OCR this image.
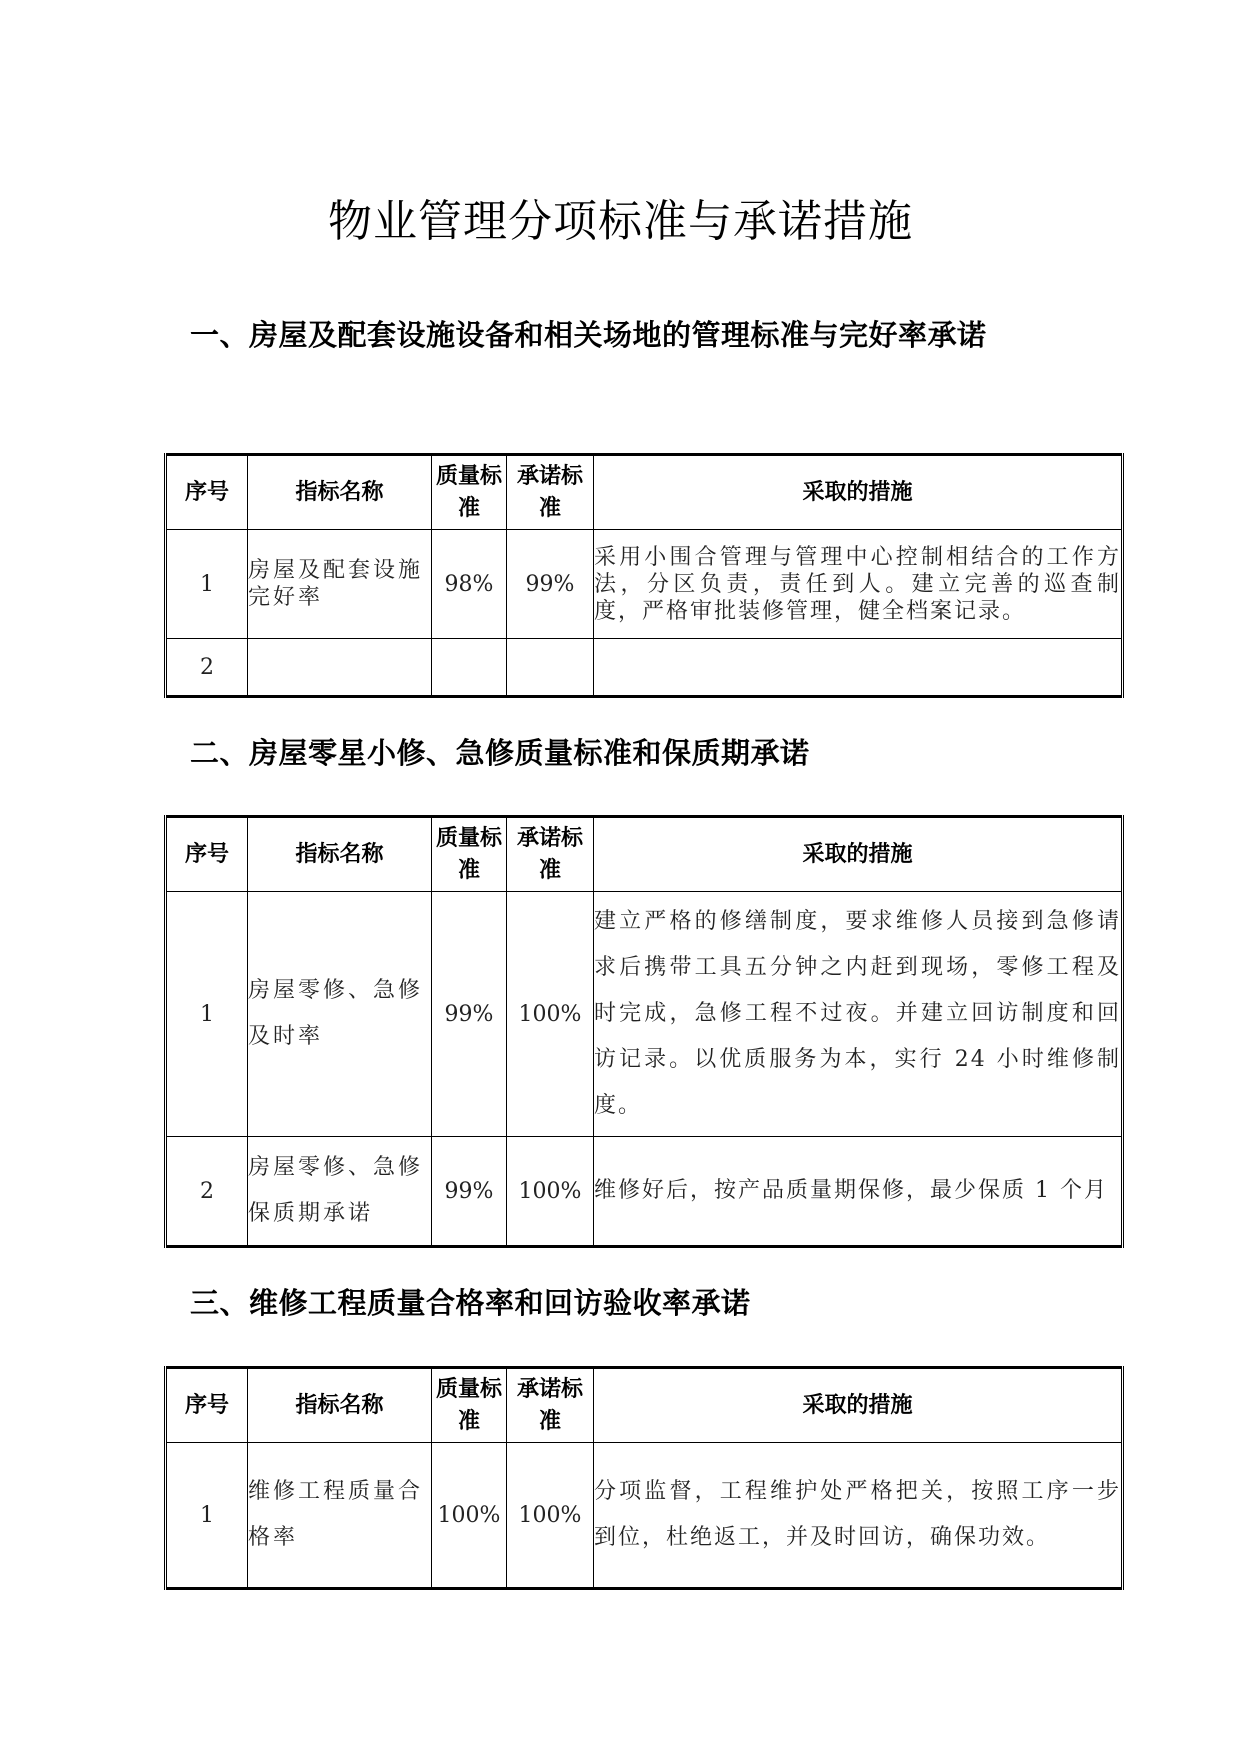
物业管理分项标准与承诺措施
一、房屋及配套设施设备和相关场地的管理标准与完好率承诺
序号	指标名称	质量标准	承诺标准	采取的措施
1	房屋及配套设施完好率	98%	99%	采用小围合管理与管理中心控制相结合的工作方法，分区负责，责任到人。建立完善的巡查制度，严格审批装修管理，健全档案记录。
2				
二、房屋零星小修、急修质量标准和保质期承诺
序号	指标名称	质量标准	承诺标准	采取的措施
1	房屋零修、急修及时率	99%	100%	建立严格的修缮制度，要求维修人员接到急修请求后携带工具五分钟之内赶到现场，零修工程及时完成，急修工程不过夜。并建立回访制度和回访记录。以优质服务为本，实行 24 小时维修制度。
2	房屋零修、急修保质期承诺	99%	100%	维修好后，按产品质量期保修，最少保质 1 个月
三、维修工程质量合格率和回访验收率承诺
序号	指标名称	质量标准	承诺标准	采取的措施
1	维修工程质量合格率	100%	100%	分项监督，工程维护处严格把关，按照工序一步到位，杜绝返工，并及时回访，确保功效。
